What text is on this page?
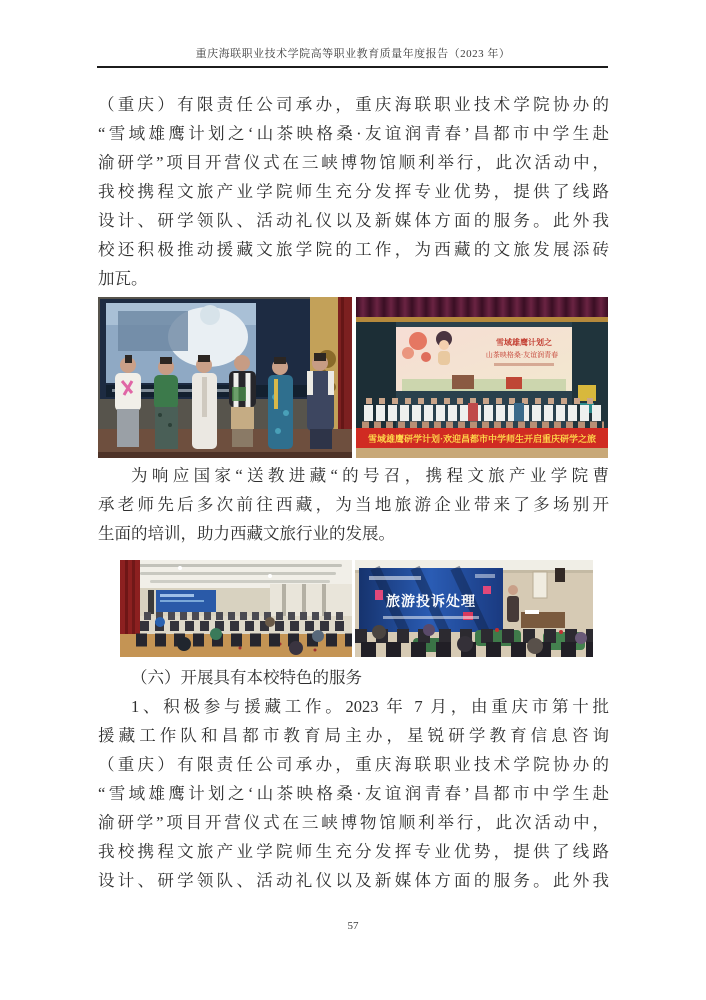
重庆海联职业技术学院高等职业教育质量年度报告（2023 年）
（重庆）有限责任公司承办，重庆海联职业技术学院协办的
“雪域雄鹰计划之‘山茶映格桑·友谊润青春’昌都市中学生赴
渝研学”项目开营仪式在三峡博物馆顺利举行，此次活动中，
我校携程文旅产业学院师生充分发挥专业优势，提供了线路
设计、研学领队、活动礼仪以及新媒体方面的服务。此外我
校还积极推动援藏文旅学院的工作，为西藏的文旅发展添砖
加瓦。
雪域雄鹰计划之
山茶映格桑·友谊润青春
雪域雄鹰研学计划·欢迎昌都市中学师生开启重庆研学之旅
为响应国家“送教进藏“的号召，携程文旅产业学院曹
承老师先后多次前往西藏，为当地旅游企业带来了多场别开
生面的培训，助力西藏文旅行业的发展。
旅游投诉处理
（六）开展具有本校特色的服务
1、积极参与援藏工作。2023 年 7 月，由重庆市第十批
援藏工作队和昌都市教育局主办，星锐研学教育信息咨询
（重庆）有限责任公司承办，重庆海联职业技术学院协办的
“雪域雄鹰计划之‘山茶映格桑·友谊润青春’昌都市中学生赴
渝研学”项目开营仪式在三峡博物馆顺利举行，此次活动中，
我校携程文旅产业学院师生充分发挥专业优势，提供了线路
设计、研学领队、活动礼仪以及新媒体方面的服务。此外我
57
